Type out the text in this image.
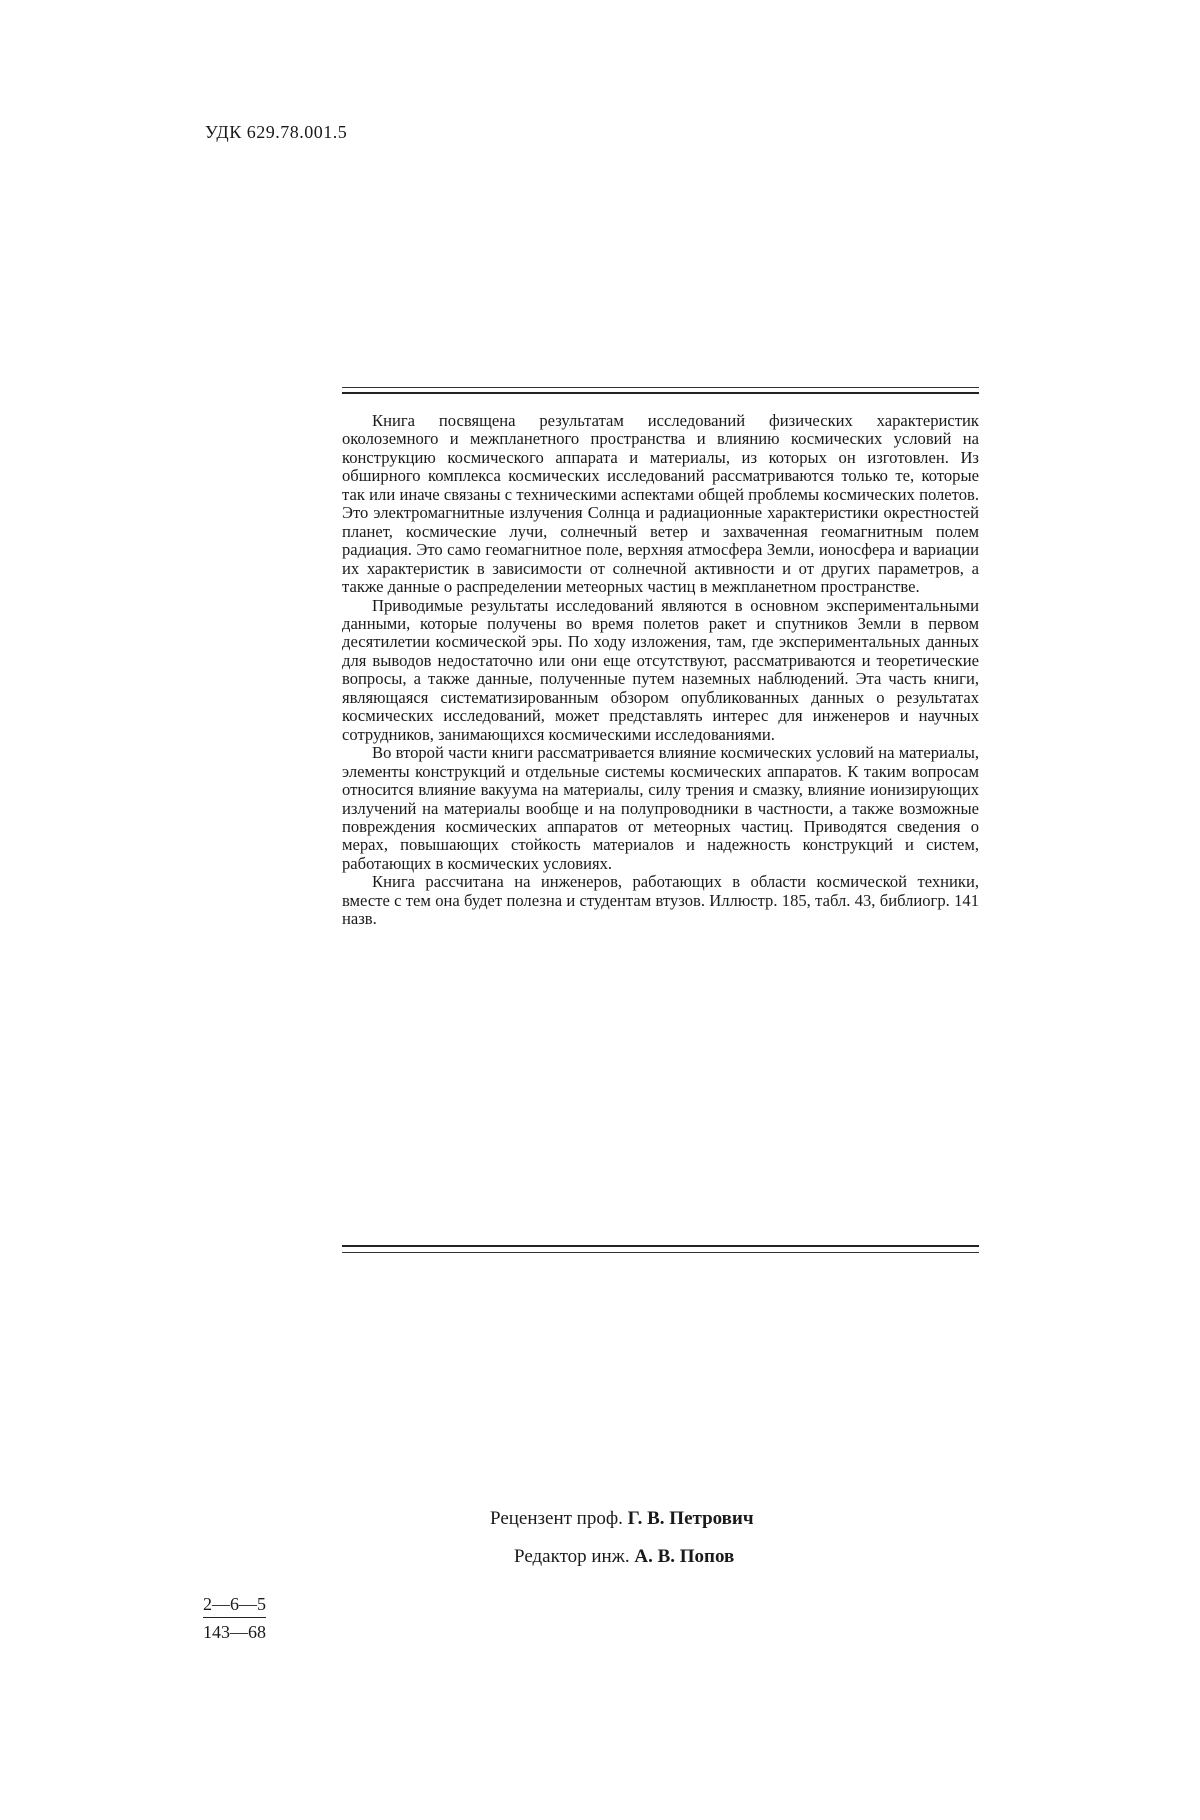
УДК 629.78.001.5

Книга посвящена результатам исследований физических характеристик околоземного и межпланетного пространства и влиянию космических условий на конструкцию космического аппарата и материалы, из которых он изготовлен. Из обширного комплекса космических исследований рассматриваются только те, которые так или иначе связаны с техническими аспектами общей проблемы космических полетов. Это электромагнитные излучения Солнца и радиационные характеристики окрестностей планет, космические лучи, солнечный ветер и захваченная геомагнитным полем радиация. Это само геомагнитное поле, верхняя атмосфера Земли, ионосфера и вариации их характеристик в зависимости от солнечной активности и от других параметров, а также данные о распределении метеорных частиц в межпланетном пространстве.

Приводимые результаты исследований являются в основном экспериментальными данными, которые получены во время полетов ракет и спутников Земли в первом десятилетии космической эры. По ходу изложения, там, где экспериментальных данных для выводов недостаточно или они еще отсутствуют, рассматриваются и теоретические вопросы, а также данные, полученные путем наземных наблюдений. Эта часть книги, являющаяся систематизированным обзором опубликованных данных о результатах космических исследований, может представлять интерес для инженеров и научных сотрудников, занимающихся космическими исследованиями.

Во второй части книги рассматривается влияние космических условий на материалы, элементы конструкций и отдельные системы космических аппаратов. К таким вопросам относится влияние вакуума на материалы, силу трения и смазку, влияние ионизирующих излучений на материалы вообще и на полупроводники в частности, а также возможные повреждения космических аппаратов от метеорных частиц. Приводятся сведения о мерах, повышающих стойкость материалов и надежность конструкций и систем, работающих в космических условиях.

Книга рассчитана на инженеров, работающих в области космической техники, вместе с тем она будет полезна и студентам втузов. Иллюстр. 185, табл. 43, библиогр. 141 назв.

Рецензент проф. Г. В. Петрович
Редактор инж. А. В. Попов
$\frac{2—6—5}{143—68}$
